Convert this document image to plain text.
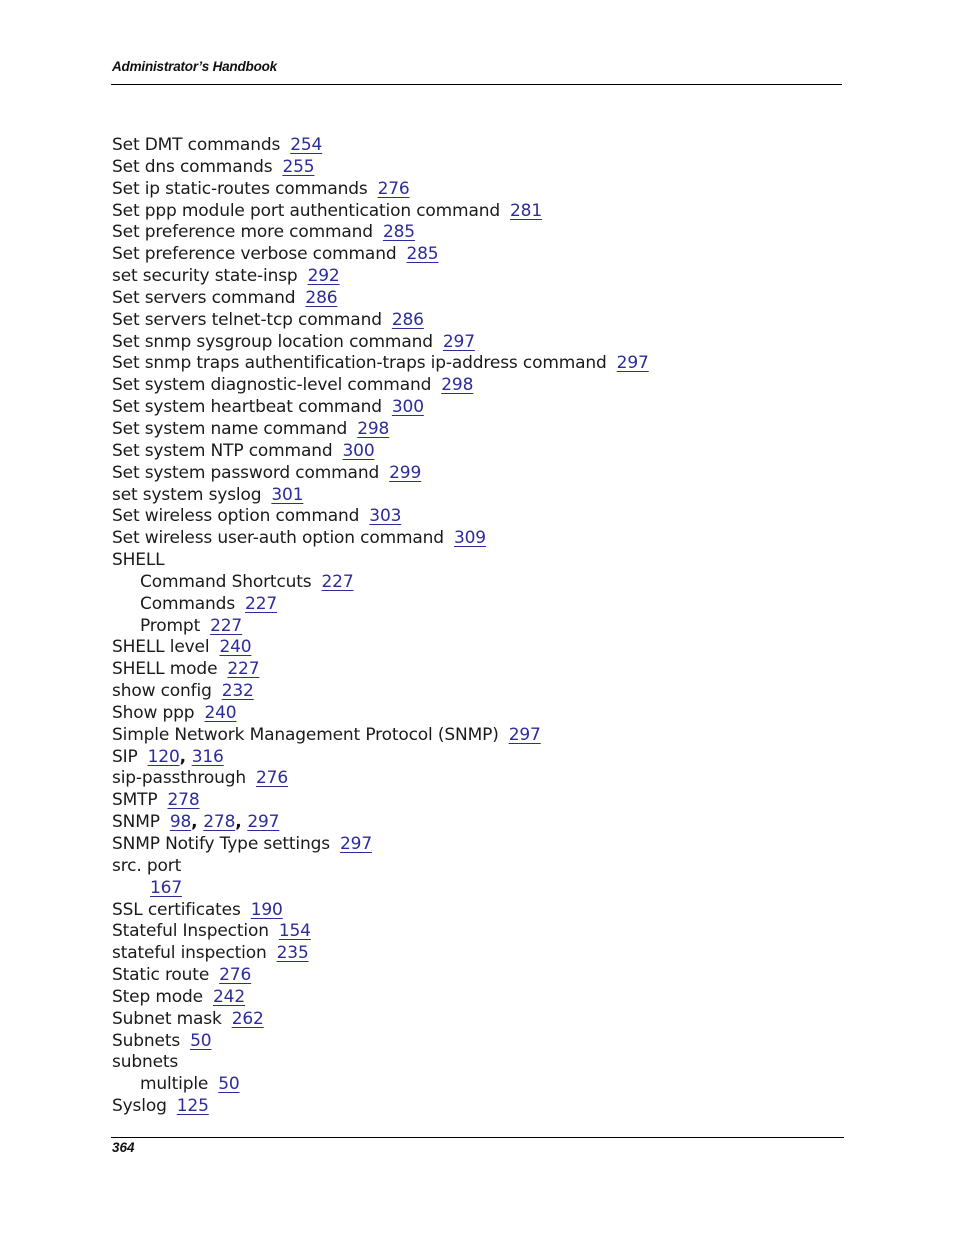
Administrator’s Handbook
Set DMT commands 254
Set dns commands 255
Set ip static-routes commands 276
Set ppp module port authentication command 281
Set preference more command 285
Set preference verbose command 285
set security state-insp 292
Set servers command 286
Set servers telnet-tcp command 286
Set snmp sysgroup location command 297
Set snmp traps authentification-traps ip-address command 297
Set system diagnostic-level command 298
Set system heartbeat command 300
Set system name command 298
Set system NTP command 300
Set system password command 299
set system syslog 301
Set wireless option command 303
Set wireless user-auth option command 309
SHELL
Command Shortcuts 227
Commands 227
Prompt 227
SHELL level 240
SHELL mode 227
show config 232
Show ppp 240
Simple Network Management Protocol (SNMP) 297
SIP 120, 316
sip-passthrough 276
SMTP 278
SNMP 98, 278, 297
SNMP Notify Type settings 297
src. port
167
SSL certificates 190
Stateful Inspection 154
stateful inspection 235
Static route 276
Step mode 242
Subnet mask 262
Subnets 50
subnets
multiple 50
Syslog 125
364
